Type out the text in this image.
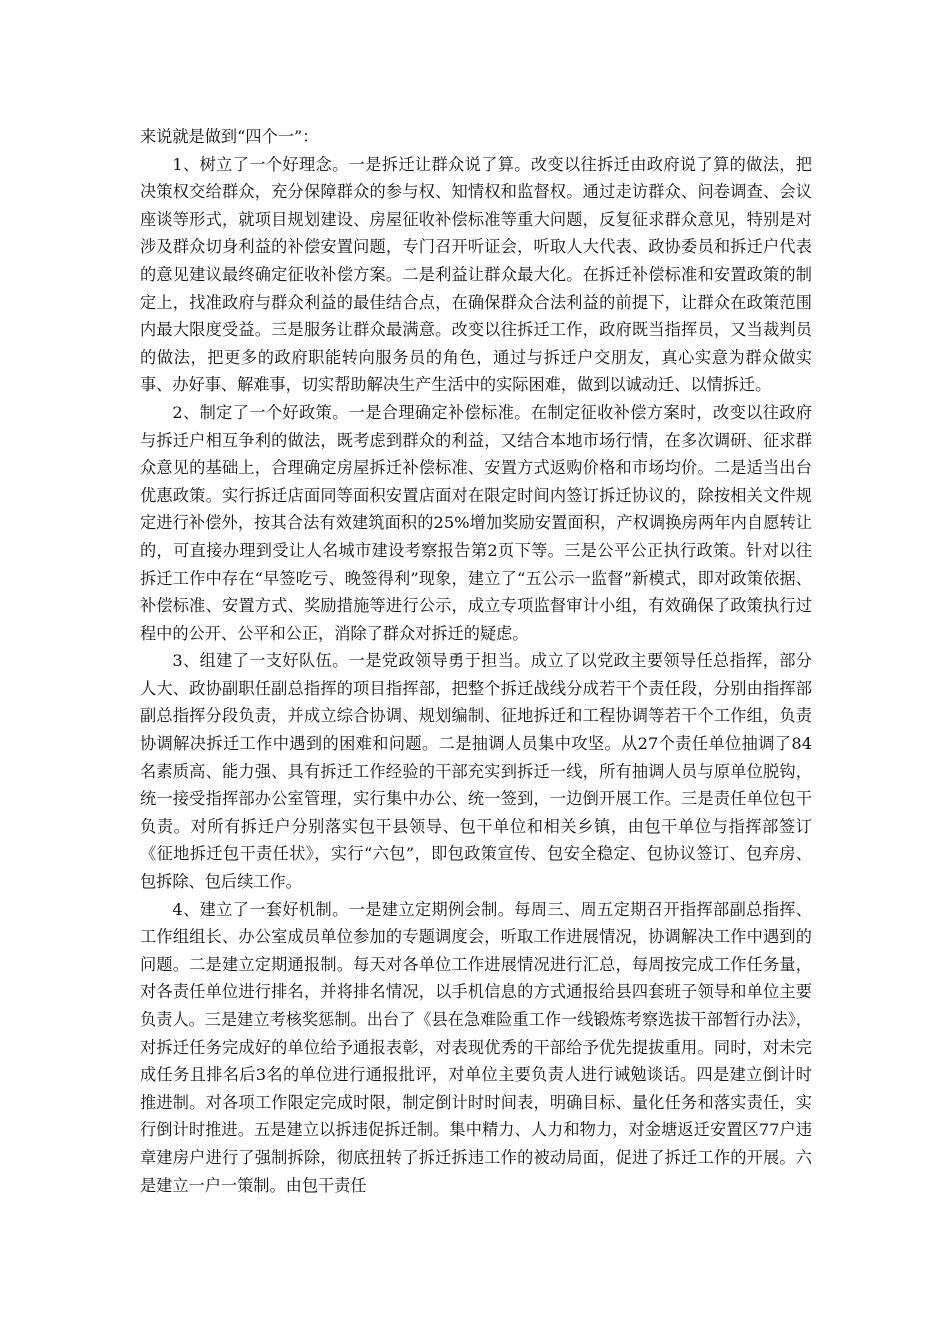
来说就是做到“四个一”：

1、树立了一个好理念。一是拆迁让群众说了算。改变以往拆迁由政府说了算的做法，把决策权交给群众，充分保障群众的参与权、知情权和监督权。通过走访群众、问卷调查、会议座谈等形式，就项目规划建设、房屋征收补偿标准等重大问题，反复征求群众意见，特别是对涉及群众切身利益的补偿安置问题，专门召开听证会，听取人大代表、政协委员和拆迁户代表的意见建议最终确定征收补偿方案。二是利益让群众最大化。在拆迁补偿标准和安置政策的制定上，找准政府与群众利益的最佳结合点，在确保群众合法利益的前提下，让群众在政策范围内最大限度受益。三是服务让群众最满意。改变以往拆迁工作，政府既当指挥员，又当裁判员的做法，把更多的政府职能转向服务员的角色，通过与拆迁户交朋友，真心实意为群众做实事、办好事、解难事，切实帮助解决生产生活中的实际困难，做到以诚动迁、以情拆迁。

2、制定了一个好政策。一是合理确定补偿标准。在制定征收补偿方案时，改变以往政府与拆迁户相互争利的做法，既考虑到群众的利益，又结合本地市场行情，在多次调研、征求群众意见的基础上，合理确定房屋拆迁补偿标准、安置方式返购价格和市场均价。二是适当出台优惠政策。实行拆迁店面同等面积安置店面对在限定时间内签订拆迁协议的，除按相关文件规定进行补偿外，按其合法有效建筑面积的25%增加奖励安置面积，产权调换房两年内自愿转让的，可直接办理到受让人名城市建设考察报告第2页下等。三是公平公正执行政策。针对以往拆迁工作中存在“早签吃亏、晚签得利”现象，建立了“五公示一监督”新模式，即对政策依据、补偿标准、安置方式、奖励措施等进行公示，成立专项监督审计小组，有效确保了政策执行过程中的公开、公平和公正，消除了群众对拆迁的疑虑。

3、组建了一支好队伍。一是党政领导勇于担当。成立了以党政主要领导任总指挥，部分人大、政协副职任副总指挥的项目指挥部，把整个拆迁战线分成若干个责任段，分别由指挥部副总指挥分段负责，并成立综合协调、规划编制、征地拆迁和工程协调等若干个工作组，负责协调解决拆迁工作中遇到的困难和问题。二是抽调人员集中攻坚。从27个责任单位抽调了84名素质高、能力强、具有拆迁工作经验的干部充实到拆迁一线，所有抽调人员与原单位脱钩，统一接受指挥部办公室管理，实行集中办公、统一签到，一边倒开展工作。三是责任单位包干负责。对所有拆迁户分别落实包干县领导、包干单位和相关乡镇，由包干单位与指挥部签订《征地拆迁包干责任状》，实行“六包”，即包政策宣传、包安全稳定、包协议签订、包弃房、包拆除、包后续工作。

4、建立了一套好机制。一是建立定期例会制。每周三、周五定期召开指挥部副总指挥、工作组组长、办公室成员单位参加的专题调度会，听取工作进展情况，协调解决工作中遇到的问题。二是建立定期通报制。每天对各单位工作进展情况进行汇总，每周按完成工作任务量，对各责任单位进行排名，并将排名情况，以手机信息的方式通报给县四套班子领导和单位主要负责人。三是建立考核奖惩制。出台了《县在急难险重工作一线锻炼考察选拔干部暂行办法》，对拆迁任务完成好的单位给予通报表彰，对表现优秀的干部给予优先提拔重用。同时，对未完成任务且排名后3名的单位进行通报批评，对单位主要负责人进行诫勉谈话。四是建立倒计时推进制。对各项工作限定完成时限，制定倒计时时间表，明确目标、量化任务和落实责任，实行倒计时推进。五是建立以拆违促拆迁制。集中精力、人力和物力，对金塘返迁安置区77户违章建房户进行了强制拆除，彻底扭转了拆迁拆违工作的被动局面，促进了拆迁工作的开展。六是建立一户一策制。由包干责任
